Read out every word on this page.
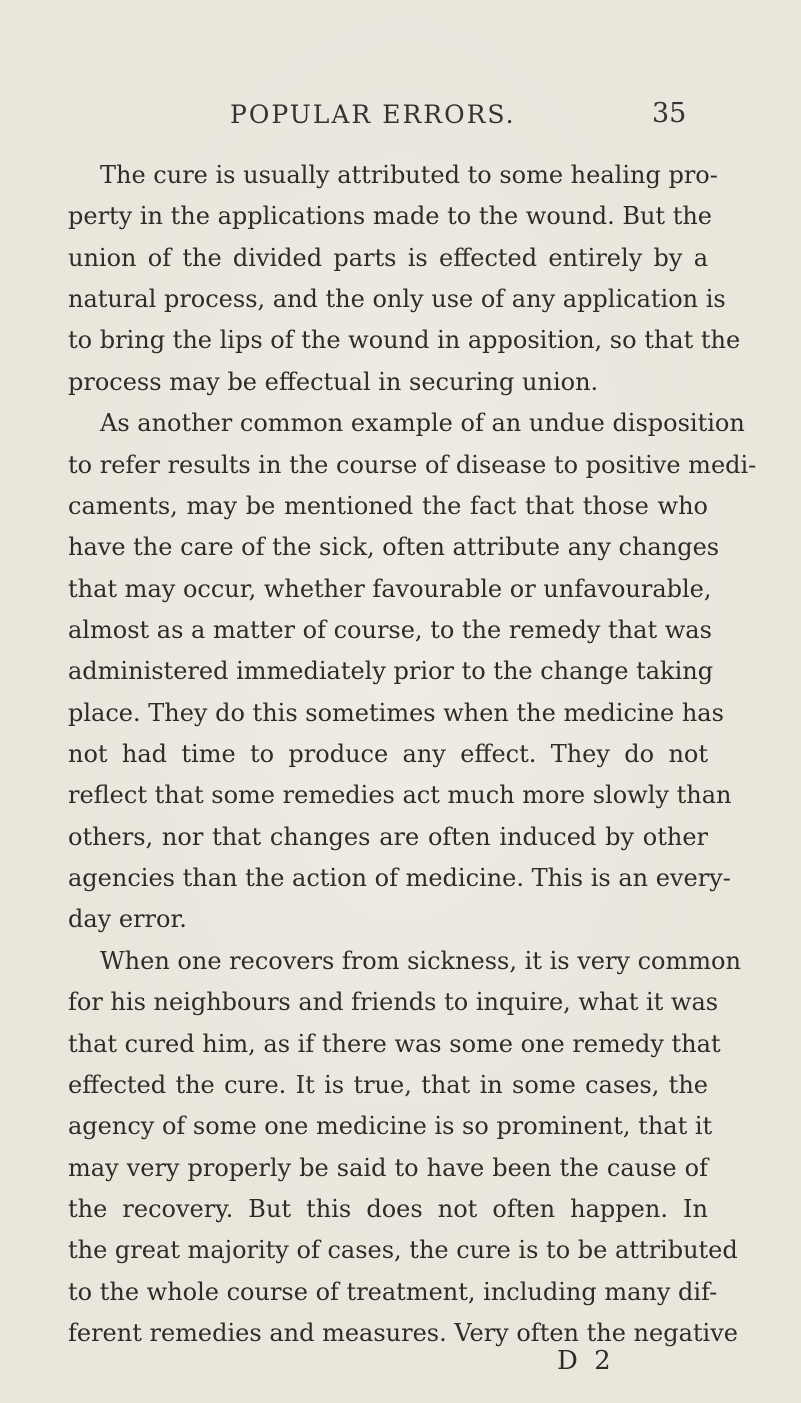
POPULAR ERRORS.	35
The cure is usually attributed to some healing pro-
perty in the applications made to the wound. But the
union of the divided parts is effected entirely by a
natural process, and the only use of any application is
to bring the lips of the wound in apposition, so that the
process may be effectual in securing union.
As another common example of an undue disposition
to refer results in the course of disease to positive medi-
caments, may be mentioned the fact that those who
have the care of the sick, often attribute any changes
that may occur, whether favourable or unfavourable,
almost as a matter of course, to the remedy that was
administered immediately prior to the change taking
place. They do this sometimes when the medicine has
not had time to produce any effect. They do not
reflect that some remedies act much more slowly than
others, nor that changes are often induced by other
agencies than the action of medicine. This is an every-
day error.
When one recovers from sickness, it is very common
for his neighbours and friends to inquire, what it was
that cured him, as if there was some one remedy that
effected the cure. It is true, that in some cases, the
agency of some one medicine is so prominent, that it
may very properly be said to have been the cause of
the recovery. But this does not often happen. In
the great majority of cases, the cure is to be attributed
to the whole course of treatment, including many dif-
ferent remedies and measures. Very often the negative
D 2
